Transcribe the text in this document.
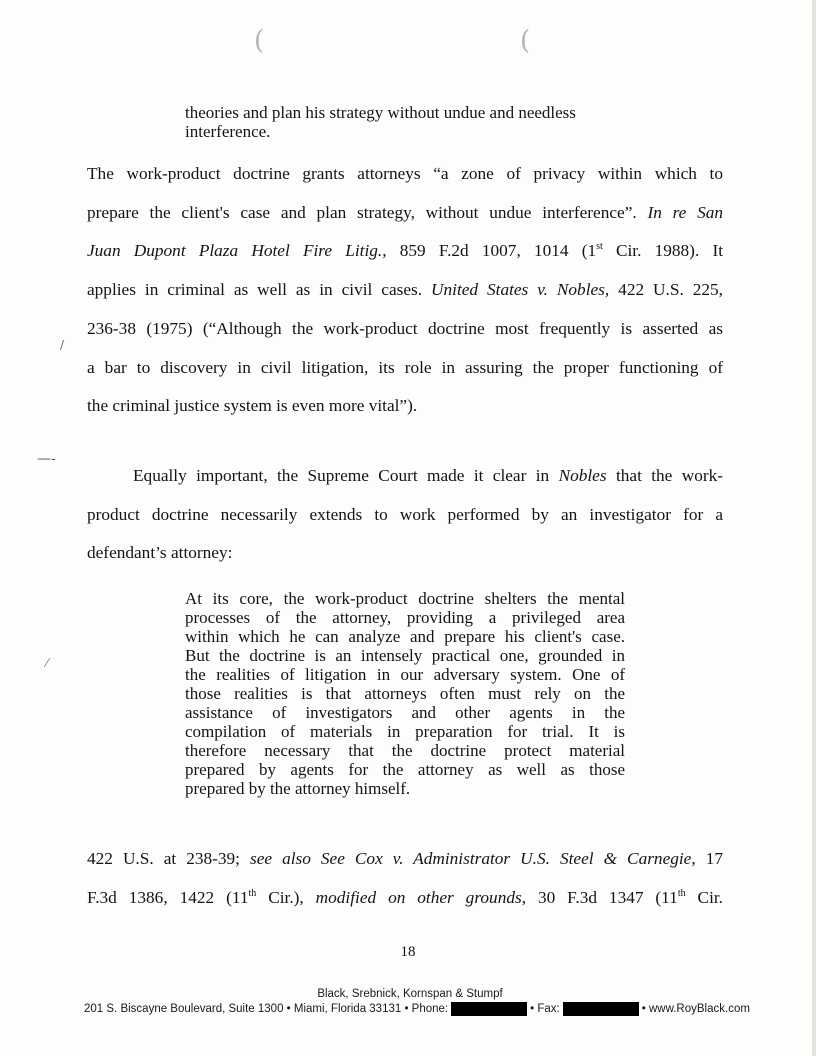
(	(
—-
/
⁄
theories and plan his strategy without undue and needless
interference.
The work-product doctrine grants attorneys “a zone of privacy within which to
prepare the client's case and plan strategy, without undue interference”. In re San
Juan Dupont Plaza Hotel Fire Litig., 859 F.2d 1007, 1014 (1st Cir. 1988). It
applies in criminal as well as in civil cases. United States v. Nobles, 422 U.S. 225,
236-38 (1975) (“Although the work-product doctrine most frequently is asserted as
a bar to discovery in civil litigation, its role in assuring the proper functioning of
the criminal justice system is even more vital”).
Equally important, the Supreme Court made it clear in Nobles that the work-
product doctrine necessarily extends to work performed by an investigator for a
defendant’s attorney:
At its core, the work-product doctrine shelters the mental
processes of the attorney, providing a privileged area
within which he can analyze and prepare his client's case.
But the doctrine is an intensely practical one, grounded in
the realities of litigation in our adversary system. One of
those realities is that attorneys often must rely on the
assistance of investigators and other agents in the
compilation of materials in preparation for trial. It is
therefore necessary that the doctrine protect material
prepared by agents for the attorney as well as those
prepared by the attorney himself.
422 U.S. at 238-39; see also See Cox v. Administrator U.S. Steel & Carnegie, 17
F.3d 1386, 1422 (11th Cir.), modified on other grounds, 30 F.3d 1347 (11th Cir.
18
Black, Srebnick, Kornspan & Stumpf
201 S. Biscayne Boulevard, Suite 1300 • Miami, Florida 33131 • Phone:	• Fax:	• www.RoyBlack.com
